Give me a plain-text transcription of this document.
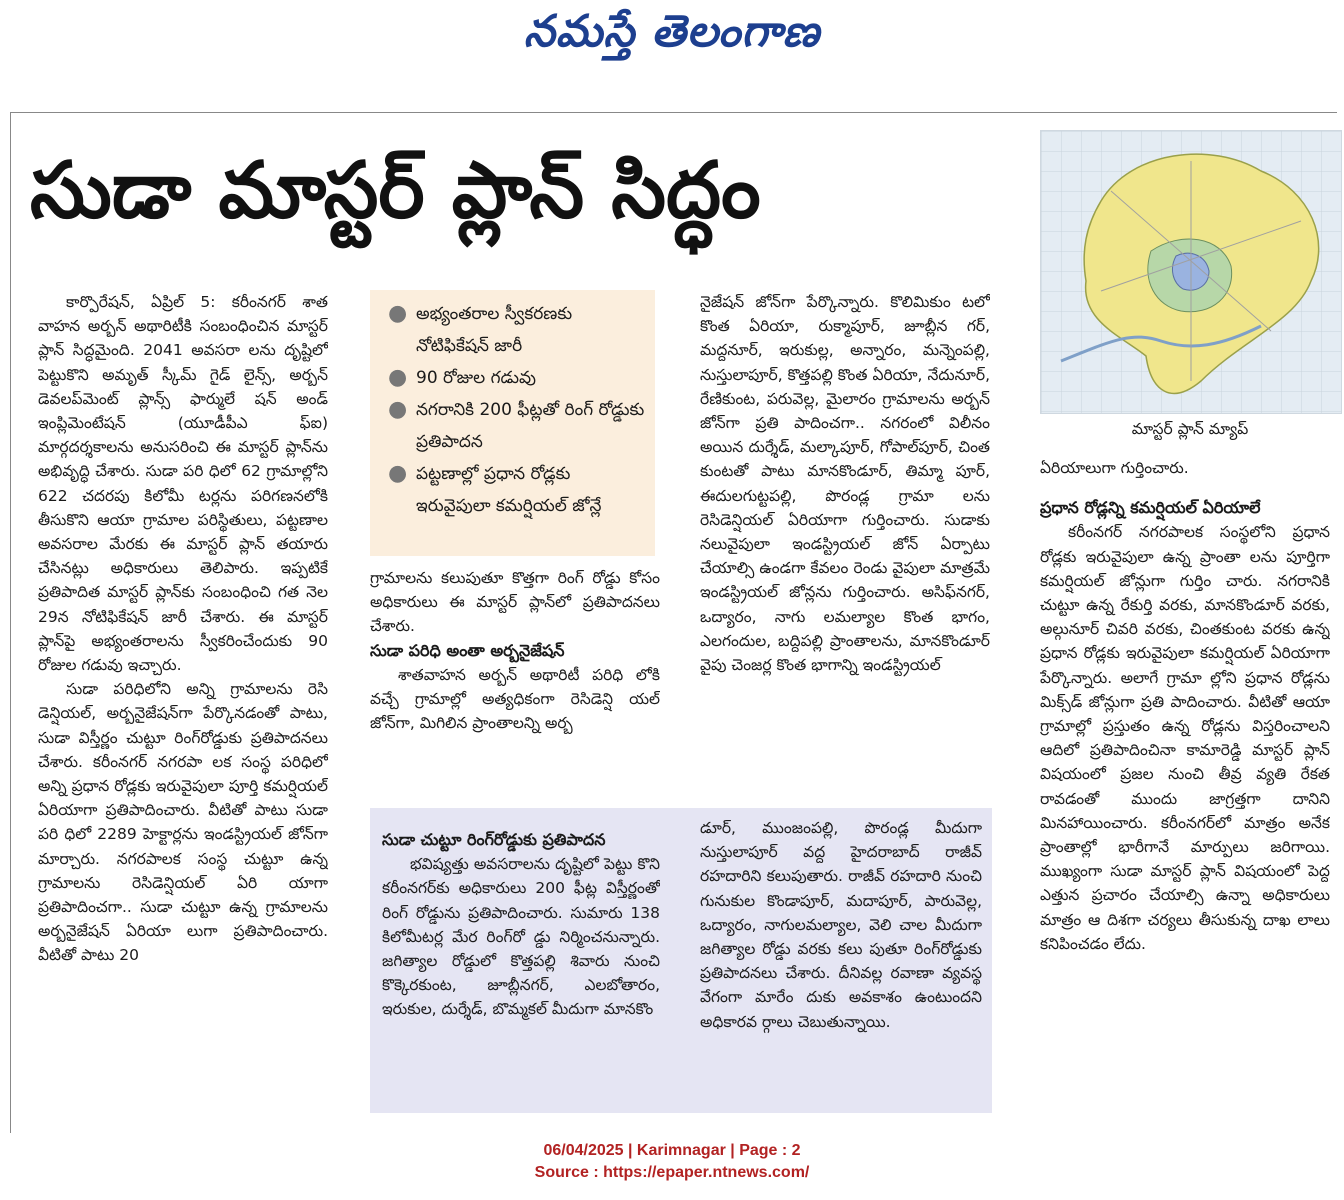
నమస్తే తెలంగాణ
సుడా మాస్టర్ ప్లాన్ సిద్ధం

కార్పొరేషన్, ఏప్రిల్ 5: కరీంనగర్ శాత వాహన అర్బన్ అథారిటీకి సంబంధించిన మాస్టర్ ప్లాన్ సిద్ధమైంది. 2041 అవసరా లను దృష్టిలో పెట్టుకొని అమృత్ స్కీమ్ గైడ్ లైన్స్, అర్బన్ డెవలప్‌మెంట్ ప్లాన్స్ ఫార్ములే షన్ అండ్ ఇంప్లిమెంటేషన్ (యూడీపీఎ ఫ్ఐ) మార్గదర్శకాలను అనుసరించి ఈ మాస్టర్ ప్లాన్‌ను అభివృద్ధి చేశారు. సుడా పరి ధిలో 62 గ్రామాల్లోని 622 చదరపు కిలోమీ టర్లను పరిగణనలోకి తీసుకొని ఆయా గ్రామాల పరిస్థితులు, పట్టణాల అవసరాల మేరకు ఈ మాస్టర్ ప్లాన్ తయారు చేసినట్లు అధికారులు తెలిపారు. ఇప్పటికే ప్రతిపాదిత మాస్టర్ ప్లాన్‌కు సంబంధించి గత నెల 29న నోటిఫికేషన్ జారీ చేశారు. ఈ మాస్టర్ ప్లాన్‌పై అభ్యంతరాలను స్వీకరించేందుకు 90 రోజుల గడువు ఇచ్చారు.

సుడా పరిధిలోని అన్ని గ్రామాలను రెసి డెన్షియల్, అర్బనైజేషన్‌గా పేర్కొనడంతో పాటు, సుడా విస్తీర్ణం చుట్టూ రింగ్‌రోడ్డుకు ప్రతిపాదనలు చేశారు. కరీంనగర్ నగరపా లక సంస్థ పరిధిలో అన్ని ప్రధాన రోడ్లకు ఇరువైపులా పూర్తి కమర్షియల్ ఏరియాగా ప్రతిపాదించారు. వీటితో పాటు సుడా పరి ధిలో 2289 హెక్టార్లను ఇండస్ట్రియల్ జోన్‌గా మార్చారు. నగరపాలక సంస్థ చుట్టూ ఉన్న గ్రామాలను రెసిడెన్షియల్ ఏరి యాగా ప్రతిపాదించగా.. సుడా చుట్టూ ఉన్న గ్రామాలను అర్బనైజేషన్ ఏరియా లుగా ప్రతిపాదించారు. వీటితో పాటు 20

● అభ్యంతరాల స్వీకరణకు నోటిఫికేషన్ జారీ
● 90 రోజుల గడువు
● నగరానికి 200 ఫీట్లతో రింగ్ రోడ్డుకు ప్రతిపాదన
● పట్టణాల్లో ప్రధాన రోడ్లకు ఇరువైపులా కమర్షియల్ జోన్లే

గ్రామాలను కలుపుతూ కొత్తగా రింగ్ రోడ్డు కోసం అధికారులు ఈ మాస్టర్ ప్లాన్‌లో ప్రతిపాదనలు చేశారు.

సుడా పరిధి అంతా అర్బనైజేషన్

శాతవాహన అర్బన్ అథారిటీ పరిధి లోకి వచ్చే గ్రామాల్లో అత్యధికంగా రెసిడెన్షి యల్ జోన్‌గా, మిగిలిన ప్రాంతాలన్ని అర్బ

నైజేషన్ జోన్‌గా పేర్కొన్నారు. కొలిమికుం టలో కొంత ఏరియా, రుక్మాపూర్, జూబ్లీన గర్, మద్దనూర్, ఇరుకుల్ల, అన్నారం, మన్నెంపల్లి, నుస్తులాపూర్, కొత్తపల్లి కొంత ఏరియా, నేదునూర్, రేణికుంట, పరువెల్ల, మైలారం గ్రామాలను అర్బన్ జోన్‌గా ప్రతి పాదించగా.. నగరంలో విలీనం అయిన దుర్శేడ్, మల్కాపూర్, గోపాల్‌పూర్, చింత కుంటతో పాటు మానకొండూర్, తిమ్మా పూర్, ఈదులగుట్టపల్లి, పొరండ్ల గ్రామా లను రెసిడెన్షియల్ ఏరియాగా గుర్తించారు. సుడాకు నలువైపులా ఇండస్ట్రియల్ జోన్ ఏర్పాటు చేయాల్సి ఉండగా కేవలం రెండు వైపులా మాత్రమే ఇండస్ట్రియల్ జోన్లను గుర్తించారు. అసిఫ్‌నగర్, ఒద్యారం, నాగు లమల్యాల కొంత భాగం, ఎలగందుల, బద్దిపల్లి ప్రాంతాలను, మానకొండూర్ వైపు చెంజర్ల కొంత భాగాన్ని ఇండస్ట్రియల్

సుడా చుట్టూ రింగ్‌రోడ్డుకు ప్రతిపాదన

భవిష్యత్తు అవసరాలను దృష్టిలో పెట్టు కొని కరీంనగర్‌కు అధికారులు 200 ఫీట్ల విస్తీర్ణంతో రింగ్ రోడ్డును ప్రతిపాదించారు. సుమారు 138 కిలోమీటర్ల మేర రింగ్‌రో డ్డు నిర్మించనున్నారు. జగిత్యాల రోడ్డులో కొత్తపల్లి శివారు నుంచి కొక్కెరకుంట, జూబ్లీనగర్, ఎలబోతారం, ఇరుకుల, దుర్శేడ్, బొమ్మకల్ మీదుగా మానకొం

డూర్, ముంజంపల్లి, పొరండ్ల మీదుగా నుస్తులాపూర్ వద్ద హైదరాబాద్ రాజీవ్ రహదారిని కలుపుతారు. రాజీవ్ రహదారి నుంచి గునుకుల కొండాపూర్, మదాపూర్, పారువెల్ల, ఒద్యారం, నాగులమల్యాల, వెలి చాల మీదుగా జగిత్యాల రోడ్డు వరకు కలు పుతూ రింగ్‌రోడ్డుకు ప్రతిపాదనలు చేశారు. దీనివల్ల రవాణా వ్యవస్థ వేగంగా మారేం దుకు అవకాశం ఉంటుందని అధికారవ ర్గాలు చెబుతున్నాయి.

మాస్టర్ ప్లాన్ మ్యాప్

ఏరియాలుగా గుర్తించారు.

ప్రధాన రోడ్లన్ని కమర్షియల్ ఏరియాలే

కరీంనగర్ నగరపాలక సంస్థలోని ప్రధాన రోడ్లకు ఇరువైపులా ఉన్న ప్రాంతా లను పూర్తిగా కమర్షియల్ జోన్లుగా గుర్తిం చారు. నగరానికి చుట్టూ ఉన్న రేకుర్తి వరకు, మానకొండూర్ వరకు, అల్గునూర్ చివరి వరకు, చింతకుంట వరకు ఉన్న ప్రధాన రోడ్లకు ఇరువైపులా కమర్షియల్ ఏరియాగా పేర్కొన్నారు. అలాగే గ్రామా ల్లోని ప్రధాన రోడ్లను మిక్స్‌డ్ జోన్లుగా ప్రతి పాదించారు. వీటితో ఆయా గ్రామాల్లో ప్రస్తుతం ఉన్న రోడ్లను విస్తరించాలని ఆదిలో ప్రతిపాదించినా కామారెడ్డి మాస్టర్ ప్లాన్ విషయంలో ప్రజల నుంచి తీవ్ర వ్యతి రేకత రావడంతో ముందు జాగ్రత్తగా దానిని మినహాయించారు. కరీంనగర్‌లో మాత్రం అనేక ప్రాంతాల్లో భారీగానే మార్పులు జరిగాయి. ముఖ్యంగా సుడా మాస్టర్ ప్లాన్ విషయంలో పెద్ద ఎత్తున ప్రచారం చేయాల్సి ఉన్నా అధికారులు మాత్రం ఆ దిశగా చర్యలు తీసుకున్న దాఖ లాలు కనిపించడం లేదు.

06/04/2025 | Karimnagar | Page : 2
Source : https://epaper.ntnews.com/
